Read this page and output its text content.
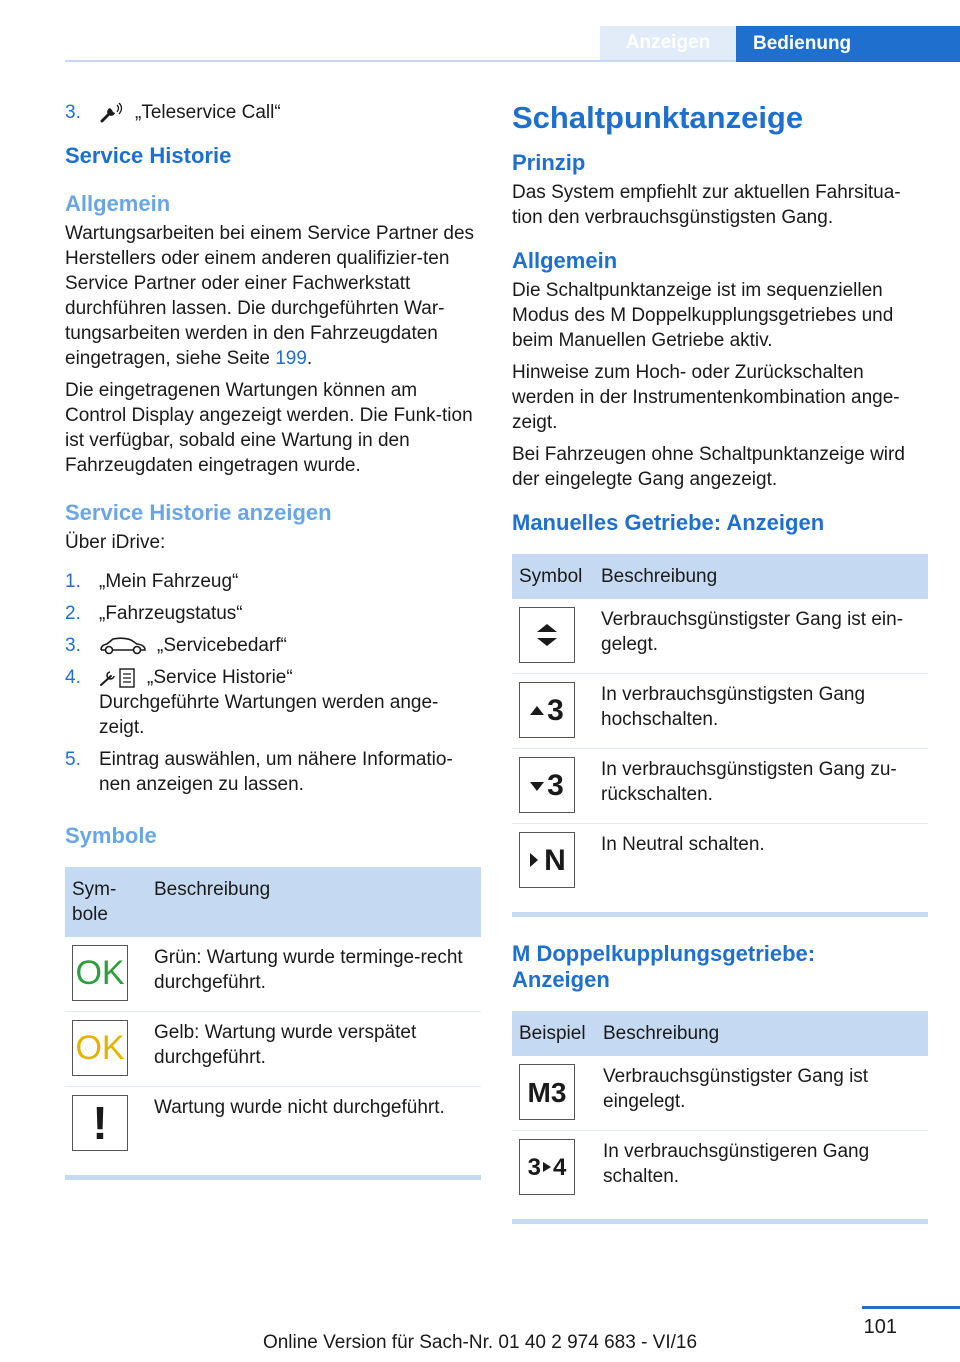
Anzeigen Bedienung
3.	„Teleservice Call“
Service Historie
Allgemein

Wartungsarbeiten bei einem Service Partner des Herstellers oder einem anderen qualifizier‐ten Service Partner oder einer Fachwerkstatt durchführen lassen. Die durchgeführten War‐tungsarbeiten werden in den Fahrzeugdaten eingetragen, siehe Seite 199.

Die eingetragenen Wartungen können am Control Display angezeigt werden. Die Funk‐tion ist verfügbar, sobald eine Wartung in den Fahrzeugdaten eingetragen wurde.

Service Historie anzeigen

Über iDrive:

1. „Mein Fahrzeug“
2. „Fahrzeugstatus“
3.	„Servicebedarf“
4.	„Service Historie“
Durchgeführte Wartungen werden ange‐zeigt.
5. Eintrag auswählen, um nähere Informatio‐nen anzeigen zu lassen.
Symbole
Sym‐bole	Beschreibung

OK	Grün: Wartung wurde terminge‐recht durchgeführt.

OK	Gelb: Wartung wurde verspätet durchgeführt.

!	Wartung wurde nicht durchgeführt.
Schaltpunktanzeige
Prinzip

Das System empfiehlt zur aktuellen Fahrsitua‐tion den verbrauchsgünstigsten Gang.

Allgemein

Die Schaltpunktanzeige ist im sequenziellen Modus des M Doppelkupplungsgetriebes und beim Manuellen Getriebe aktiv.

Hinweise zum Hoch- oder Zurückschalten werden in der Instrumentenkombination ange‐zeigt.

Bei Fahrzeugen ohne Schaltpunktanzeige wird der eingelegte Gang angezeigt.

Manuelles Getriebe: Anzeigen
Symbol	Beschreibung

	Verbrauchsgünstigster Gang ist ein‐gelegt.

3	In verbrauchsgünstigsten Gang hochschalten.

3	In verbrauchsgünstigsten Gang zu‐rückschalten.

N	In Neutral schalten.
M Doppelkupplungsgetriebe: Anzeigen
Beispiel	Beschreibung

M3	Verbrauchsgünstigster Gang ist eingelegt.

3 4	In verbrauchsgünstigeren Gang schalten.
101
Online Version für Sach-Nr. 01 40 2 974 683 - VI/16
